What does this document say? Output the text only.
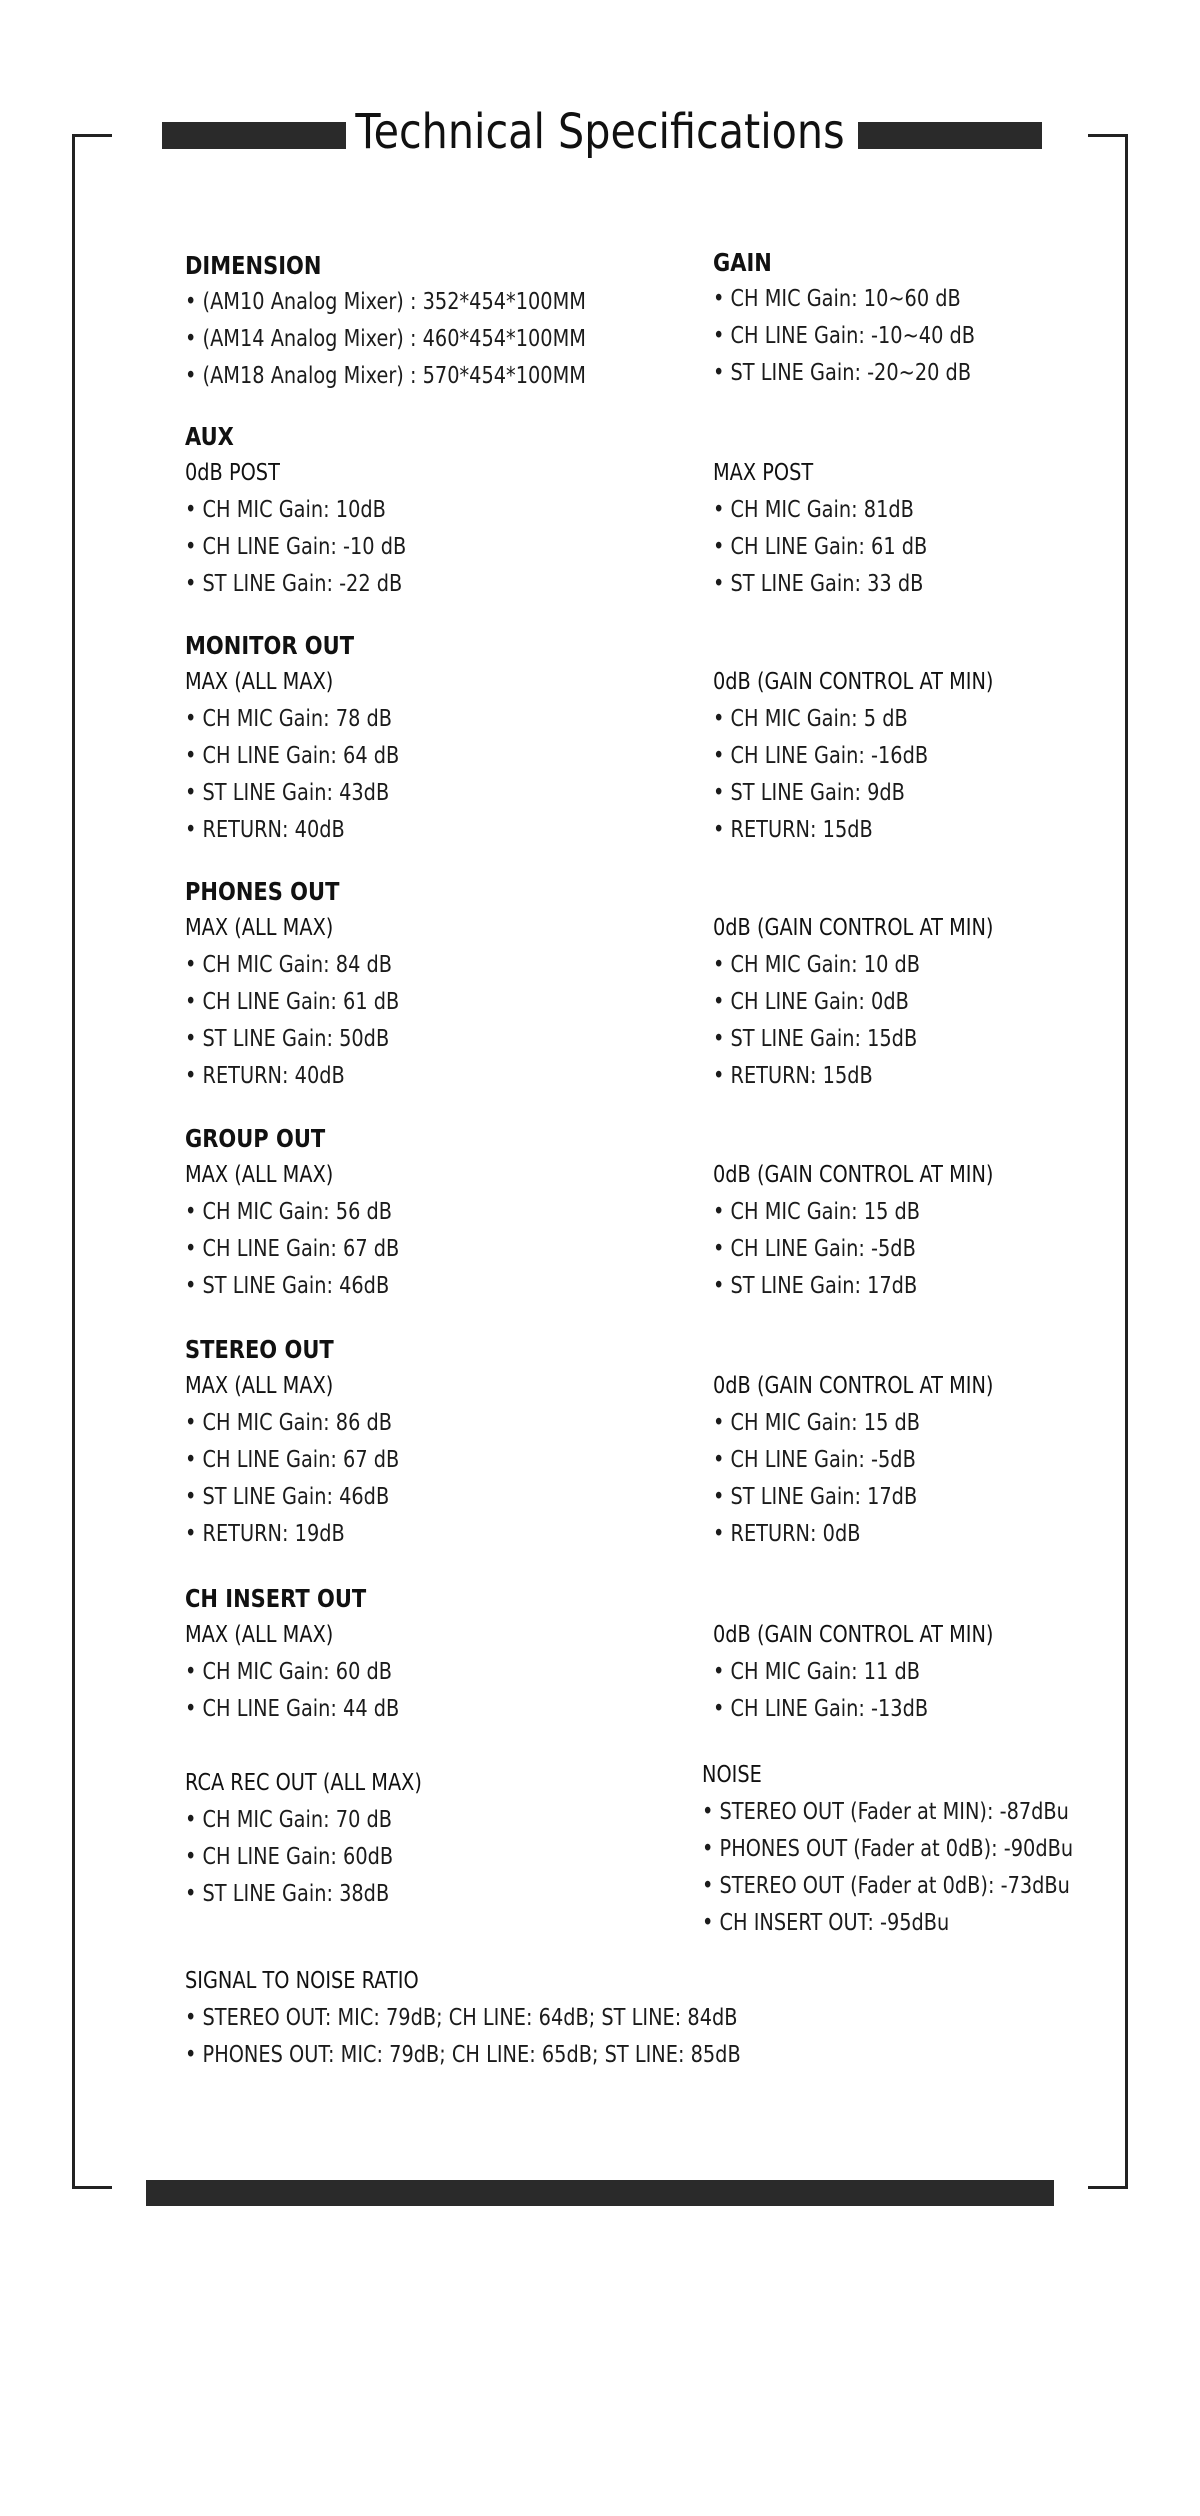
Technical Specifications
DIMENSION
• (AM10 Analog Mixer) : 352*454*100MM
• (AM14 Analog Mixer) : 460*454*100MM
• (AM18 Analog Mixer) : 570*454*100MM
GAIN
• CH MIC Gain: 10~60 dB
• CH LINE Gain: -10~40 dB
• ST LINE Gain: -20~20 dB
AUX
0dB POST
• CH MIC Gain: 10dB
• CH LINE Gain: -10 dB
• ST LINE Gain: -22 dB
MAX POST
• CH MIC Gain: 81dB
• CH LINE Gain: 61 dB
• ST LINE Gain: 33 dB
MONITOR OUT
MAX (ALL MAX)
• CH MIC Gain: 78 dB
• CH LINE Gain: 64 dB
• ST LINE Gain: 43dB
• RETURN: 40dB
0dB (GAIN CONTROL AT MIN)
• CH MIC Gain: 5 dB
• CH LINE Gain: -16dB
• ST LINE Gain: 9dB
• RETURN: 15dB
PHONES OUT
MAX (ALL MAX)
• CH MIC Gain: 84 dB
• CH LINE Gain: 61 dB
• ST LINE Gain: 50dB
• RETURN: 40dB
0dB (GAIN CONTROL AT MIN)
• CH MIC Gain: 10 dB
• CH LINE Gain: 0dB
• ST LINE Gain: 15dB
• RETURN: 15dB
GROUP OUT
MAX (ALL MAX)
• CH MIC Gain: 56 dB
• CH LINE Gain: 67 dB
• ST LINE Gain: 46dB
0dB (GAIN CONTROL AT MIN)
• CH MIC Gain: 15 dB
• CH LINE Gain: -5dB
• ST LINE Gain: 17dB
STEREO OUT
MAX (ALL MAX)
• CH MIC Gain: 86 dB
• CH LINE Gain: 67 dB
• ST LINE Gain: 46dB
• RETURN: 19dB
0dB (GAIN CONTROL AT MIN)
• CH MIC Gain: 15 dB
• CH LINE Gain: -5dB
• ST LINE Gain: 17dB
• RETURN: 0dB
CH INSERT OUT
MAX (ALL MAX)
• CH MIC Gain: 60 dB
• CH LINE Gain: 44 dB
0dB (GAIN CONTROL AT MIN)
• CH MIC Gain: 11 dB
• CH LINE Gain: -13dB
RCA REC OUT (ALL MAX)
• CH MIC Gain: 70 dB
• CH LINE Gain: 60dB
• ST LINE Gain: 38dB
NOISE
• STEREO OUT (Fader at MIN): -87dBu
• PHONES OUT (Fader at 0dB): -90dBu
• STEREO OUT (Fader at 0dB): -73dBu
• CH INSERT OUT: -95dBu
SIGNAL TO NOISE RATIO
• STEREO OUT: MIC: 79dB; CH LINE: 64dB; ST LINE: 84dB
• PHONES OUT: MIC: 79dB; CH LINE: 65dB; ST LINE: 85dB
